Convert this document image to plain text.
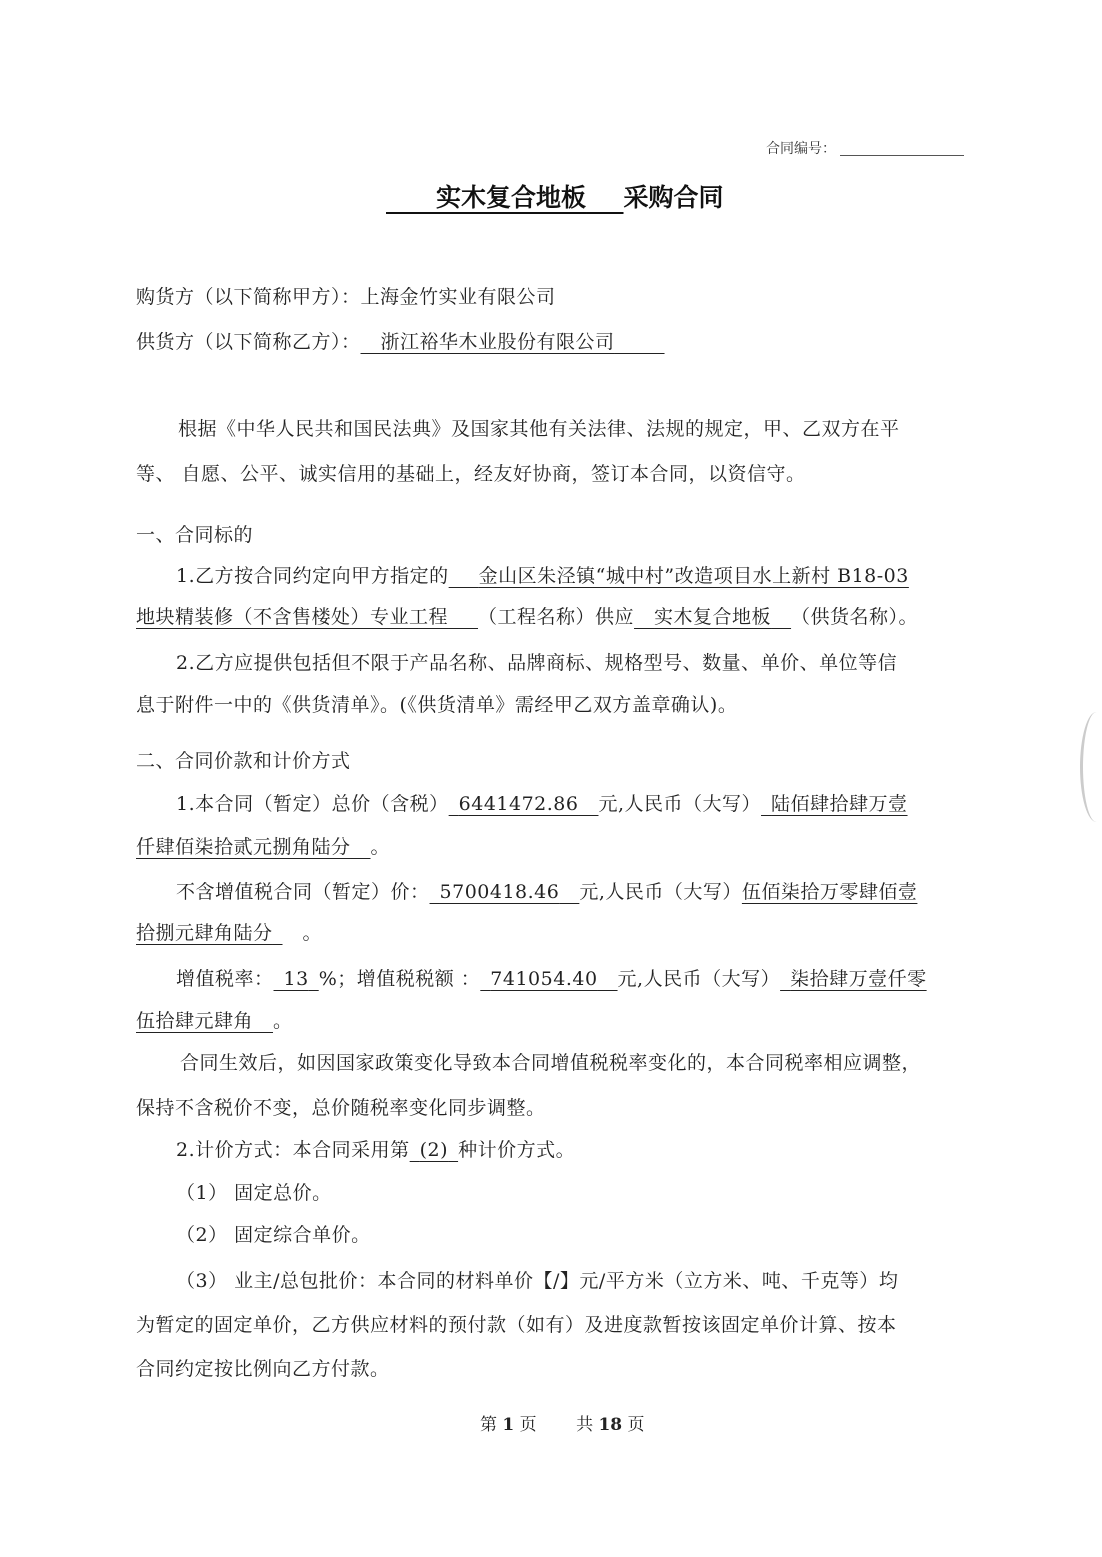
合同编号：
    实木复合地板    采购合同
购货方（以下简称甲方）：上海金竹实业有限公司
供货方（以下简称乙方）：   浙江裕华木业股份有限公司     
根据《中华人民共和国民法典》及国家其他有关法律、法规的规定，甲、乙双方在平
等、 自愿、公平、诚实信用的基础上，经友好协商，签订本合同，以资信守。
一、合同标的
1.乙方按合同约定向甲方指定的    金山区朱泾镇“城中村”改造项目水上新村 B18-03
地块精装修（不含售楼处）专业工程    （工程名称）供应   实木复合地板   （供货名称）。
2.乙方应提供包括但不限于产品名称、品牌商标、规格型号、数量、单价、单位等信
息于附件一中的《供货清单》。(《供货清单》需经甲乙双方盖章确认)。
二、合同价款和计价方式
1.本合同（暂定）总价（含税）  6441472.86   元,人民币（大写）  陆佰肆拾肆万壹
仟肆佰柒拾贰元捌角陆分   。
不含增值税合同（暂定）价：  5700418.46   元,人民币（大写）伍佰柒拾万零肆佰壹
拾捌元肆角陆分    。
增值税率：  13  %；增值税税额 ：  741054.40   元,人民币（大写）  柒拾肆万壹仟零
伍拾肆元肆角   。
合同生效后，如因国家政策变化导致本合同增值税税率变化的，本合同税率相应调整，
保持不含税价不变，总价随税率变化同步调整。
2.计价方式：本合同采用第  (2)  种计价方式。
（1） 固定总价。
（2） 固定综合单价。
（3） 业主/总包批价：本合同的材料单价【/】元/平方米（立方米、吨、千克等）均
为暂定的固定单价，乙方供应材料的预付款（如有）及进度款暂按该固定单价计算、按本
合同约定按比例向乙方付款。
第 1 页   共 18 页
